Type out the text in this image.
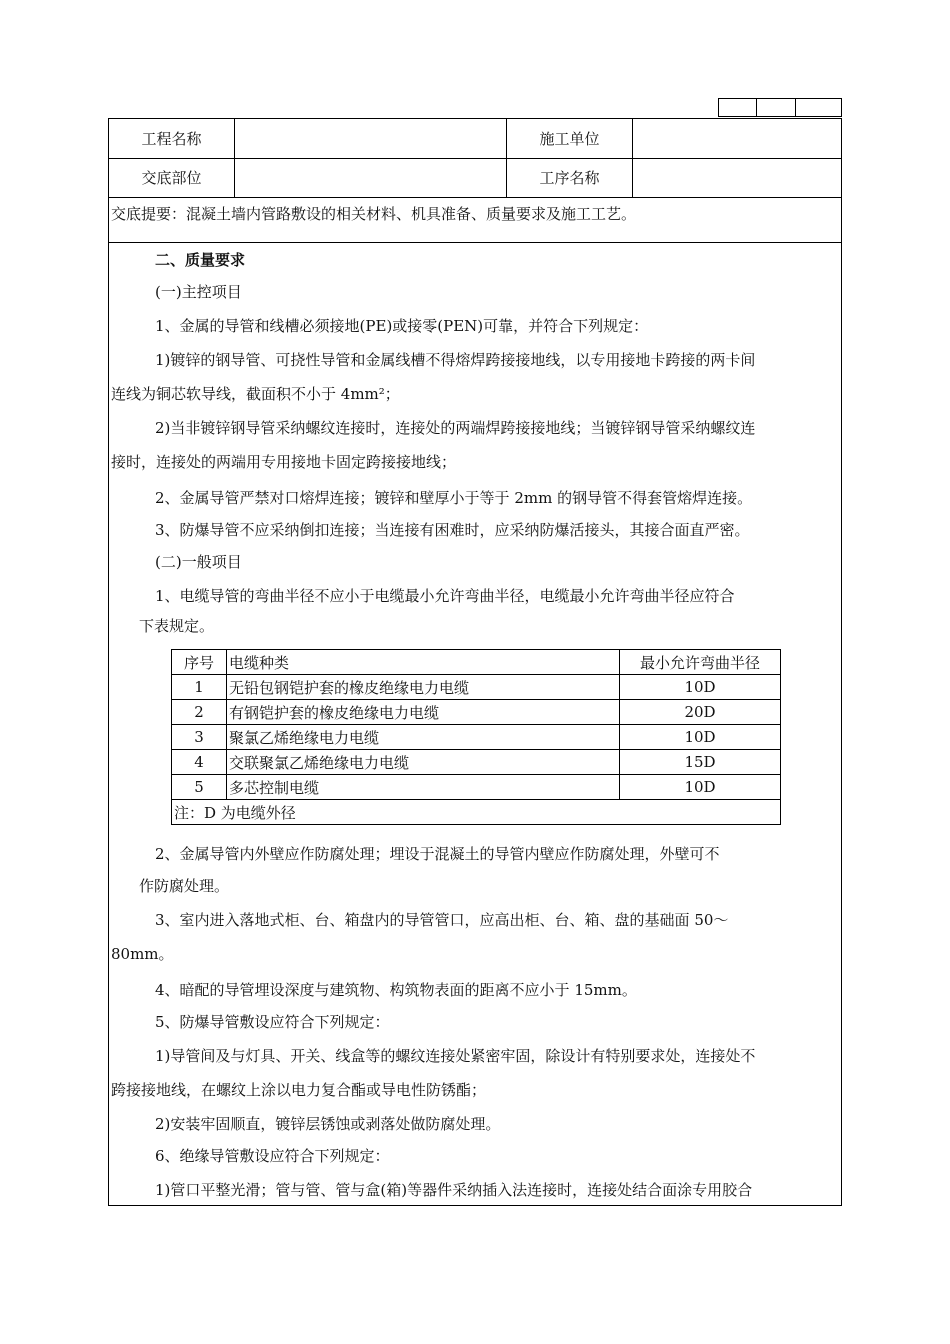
工程名称	施工单位
交底部位	工序名称
交底提要：混凝土墙内管路敷设的相关材料、机具准备、质量要求及施工工艺。
二、质量要求
(一)主控项目
1、金属的导管和线槽必须接地(PE)或接零(PEN)可靠，并符合下列规定：
1)镀锌的钢导管、可挠性导管和金属线槽不得熔焊跨接接地线，以专用接地卡跨接的两卡间
连线为铜芯软导线，截面积不小于 4mm²；
2)当非镀锌钢导管采纳螺纹连接时，连接处的两端焊跨接接地线；当镀锌钢导管采纳螺纹连
接时，连接处的两端用专用接地卡固定跨接接地线；
2、金属导管严禁对口熔焊连接；镀锌和壁厚小于等于 2mm 的钢导管不得套管熔焊连接。
3、防爆导管不应采纳倒扣连接；当连接有困难时，应采纳防爆活接头，其接合面直严密。
(二)一般项目
1、电缆导管的弯曲半径不应小于电缆最小允许弯曲半径，电缆最小允许弯曲半径应符合
下表规定。
序号	电缆种类	最小允许弯曲半径
1	无铅包钢铠护套的橡皮绝缘电力电缆	10D
2	有钢铠护套的橡皮绝缘电力电缆	20D
3	聚氯乙烯绝缘电力电缆	10D
4	交联聚氯乙烯绝缘电力电缆	15D
5	多芯控制电缆	10D
注：D 为电缆外径		
2、金属导管内外壁应作防腐处理；埋设于混凝土的导管内壁应作防腐处理，外壁可不
作防腐处理。
3、室内进入落地式柜、台、箱盘内的导管管口，应高出柜、台、箱、盘的基础面 50～
80mm。
4、暗配的导管埋设深度与建筑物、构筑物表面的距离不应小于 15mm。
5、防爆导管敷设应符合下列规定：
1)导管间及与灯具、开关、线盒等的螺纹连接处紧密牢固，除设计有特别要求处，连接处不
跨接接地线，在螺纹上涂以电力复合酯或导电性防锈酯；
2)安装牢固顺直，镀锌层锈蚀或剥落处做防腐处理。
6、绝缘导管敷设应符合下列规定：
1)管口平整光滑；管与管、管与盒(箱)等器件采纳插入法连接时，连接处结合面涂专用胶合
